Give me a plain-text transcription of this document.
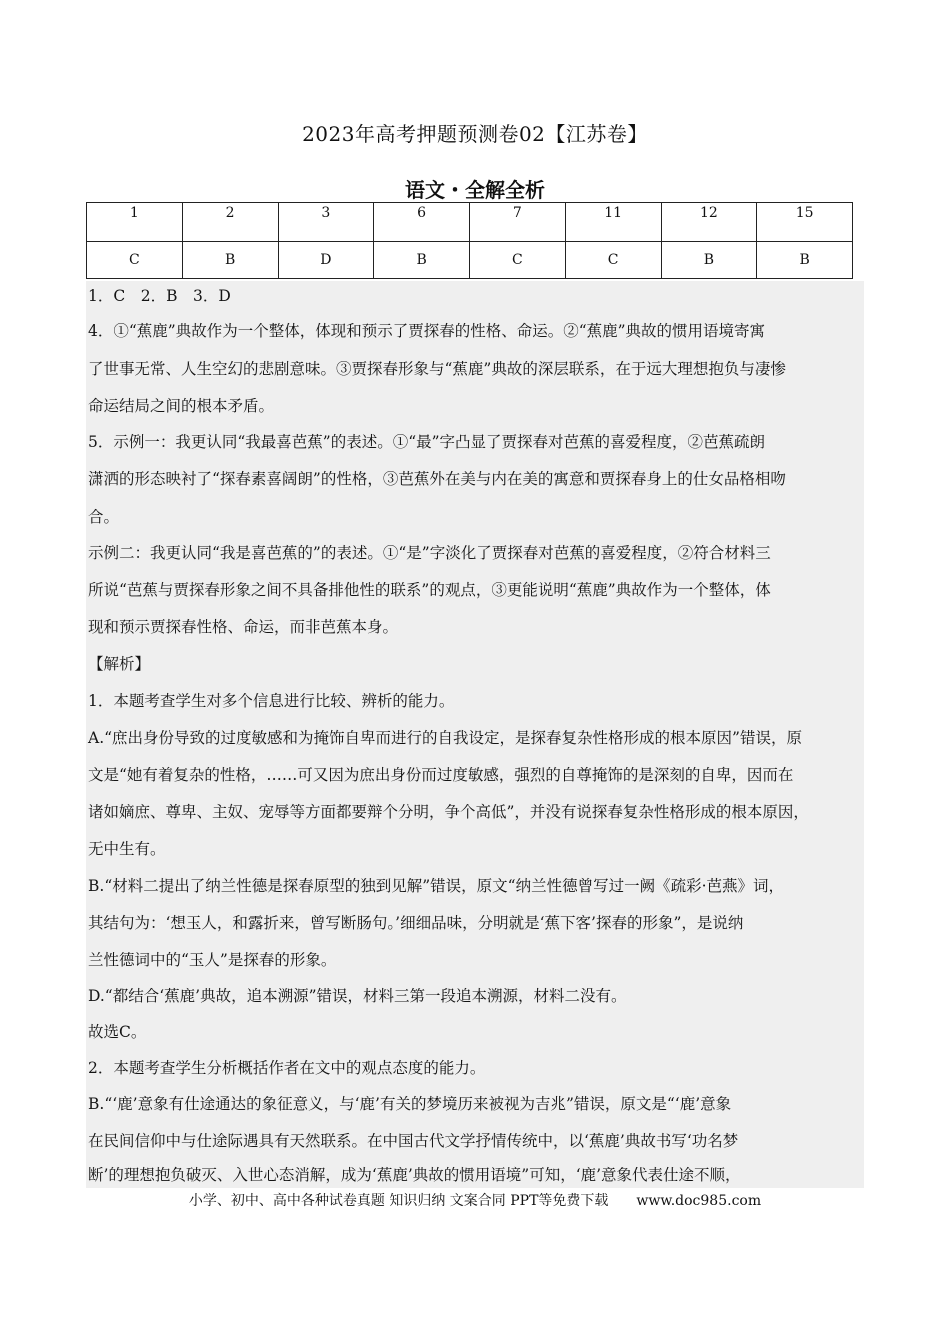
2023年高考押题预测卷02【江苏卷】
语文・全解全析
1	2	3	6	7	11	12	15
C	B	D	B	C	C	B	B
1．C　2．B　3．D
4．①“蕉鹿”典故作为一个整体，体现和预示了贾探春的性格、命运。②“蕉鹿”典故的惯用语境寄寓
了世事无常、人生空幻的悲剧意味。③贾探春形象与“蕉鹿”典故的深层联系，在于远大理想抱负与凄惨
命运结局之间的根本矛盾。
5．示例一：我更认同“我最喜芭蕉”的表述。①“最”字凸显了贾探春对芭蕉的喜爱程度，②芭蕉疏朗
潇洒的形态映衬了“探春素喜阔朗”的性格，③芭蕉外在美与内在美的寓意和贾探春身上的仕女品格相吻
合。
示例二：我更认同“我是喜芭蕉的”的表述。①“是”字淡化了贾探春对芭蕉的喜爱程度，②符合材料三
所说“芭蕉与贾探春形象之间不具备排他性的联系”的观点，③更能说明“蕉鹿”典故作为一个整体，体
现和预示贾探春性格、命运，而非芭蕉本身。
【解析】
1．本题考查学生对多个信息进行比较、辨析的能力。
A.“庶出身份导致的过度敏感和为掩饰自卑而进行的自我设定，是探春复杂性格形成的根本原因”错误，原
文是“她有着复杂的性格，……可又因为庶出身份而过度敏感，强烈的自尊掩饰的是深刻的自卑，因而在
诸如嫡庶、尊卑、主奴、宠辱等方面都要辩个分明，争个高低”，并没有说探春复杂性格形成的根本原因，
无中生有。
B.“材料二提出了纳兰性德是探春原型的独到见解”错误，原文“纳兰性德曾写过一阙《疏彩·芭燕》词，
其结句为：‘想玉人，和露折来，曾写断肠句。’细细品味，分明就是‘蕉下客’探春的形象”，是说纳
兰性德词中的“玉人”是探春的形象。
D.“都结合‘蕉鹿’典故，追本溯源”错误，材料三第一段追本溯源，材料二没有。
故选C。
2．本题考查学生分析概括作者在文中的观点态度的能力。
B.“‘鹿’意象有仕途通达的象征意义，与‘鹿’有关的梦境历来被视为吉兆”错误，原文是“‘鹿’意象
在民间信仰中与仕途际遇具有天然联系。在中国古代文学抒情传统中，以‘蕉鹿’典故书写‘功名梦
断’的理想抱负破灭、入世心态消解，成为‘蕉鹿’典故的惯用语境”可知，‘鹿’意象代表仕途不顺，
小学、初中、高中各种试卷真题 知识归纳 文案合同 PPT等免费下载 www.doc985.com
